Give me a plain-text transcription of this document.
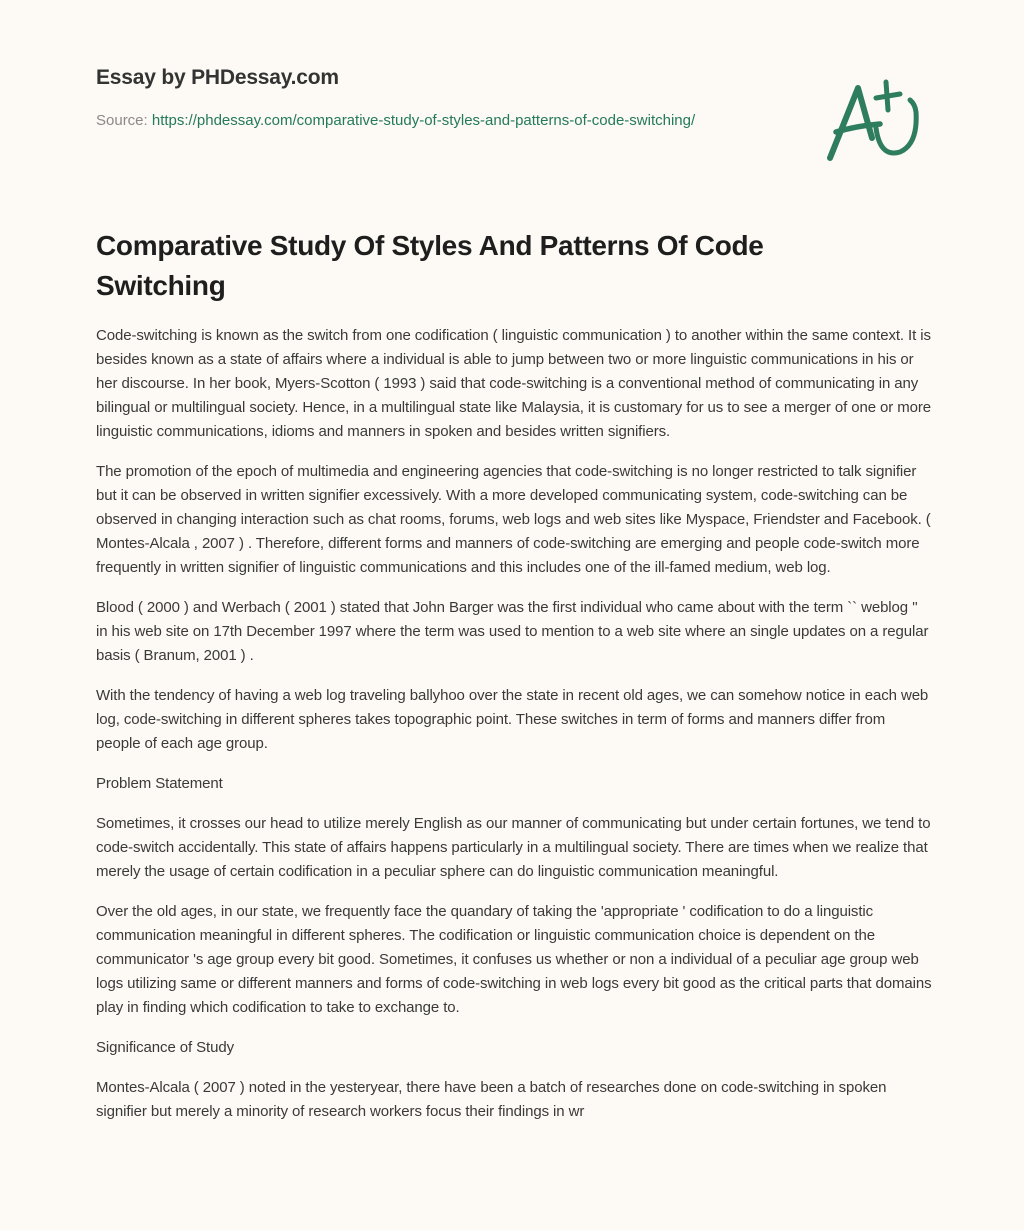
Essay by PHDessay.com
Source: https://phdessay.com/comparative-study-of-styles-and-patterns-of-code-switching/
Comparative Study Of Styles And Patterns Of Code Switching

Code-switching is known as the switch from one codification ( linguistic communication ) to another within the same context. It is besides known as a state of affairs where a individual is able to jump between two or more linguistic communications in his or her discourse. In her book, Myers-Scotton ( 1993 ) said that code-switching is a conventional method of communicating in any bilingual or multilingual society. Hence, in a multilingual state like Malaysia, it is customary for us to see a merger of one or more linguistic communications, idioms and manners in spoken and besides written signifiers.

The promotion of the epoch of multimedia and engineering agencies that code-switching is no longer restricted to talk signifier but it can be observed in written signifier excessively. With a more developed communicating system, code-switching can be observed in changing interaction such as chat rooms, forums, web logs and web sites like Myspace, Friendster and Facebook. ( Montes-Alcala , 2007 ) . Therefore, different forms and manners of code-switching are emerging and people code-switch more frequently in written signifier of linguistic communications and this includes one of the ill-famed medium, web log.

Blood ( 2000 ) and Werbach ( 2001 ) stated that John Barger was the first individual who came about with the term `` weblog '' in his web site on 17th December 1997 where the term was used to mention to a web site where an single updates on a regular basis ( Branum, 2001 ) .

With the tendency of having a web log traveling ballyhoo over the state in recent old ages, we can somehow notice in each web log, code-switching in different spheres takes topographic point. These switches in term of forms and manners differ from people of each age group.

Problem Statement

Sometimes, it crosses our head to utilize merely English as our manner of communicating but under certain fortunes, we tend to code-switch accidentally. This state of affairs happens particularly in a multilingual society. There are times when we realize that merely the usage of certain codification in a peculiar sphere can do linguistic communication meaningful.

Over the old ages, in our state, we frequently face the quandary of taking the 'appropriate ' codification to do a linguistic communication meaningful in different spheres. The codification or linguistic communication choice is dependent on the communicator 's age group every bit good. Sometimes, it confuses us whether or non a individual of a peculiar age group web logs utilizing same or different manners and forms of code-switching in web logs every bit good as the critical parts that domains play in finding which codification to take to exchange to.

Significance of Study

Montes-Alcala ( 2007 ) noted in the yesteryear, there have been a batch of researches done on code-switching in spoken signifier but merely a minority of research workers focus their findings in wr
